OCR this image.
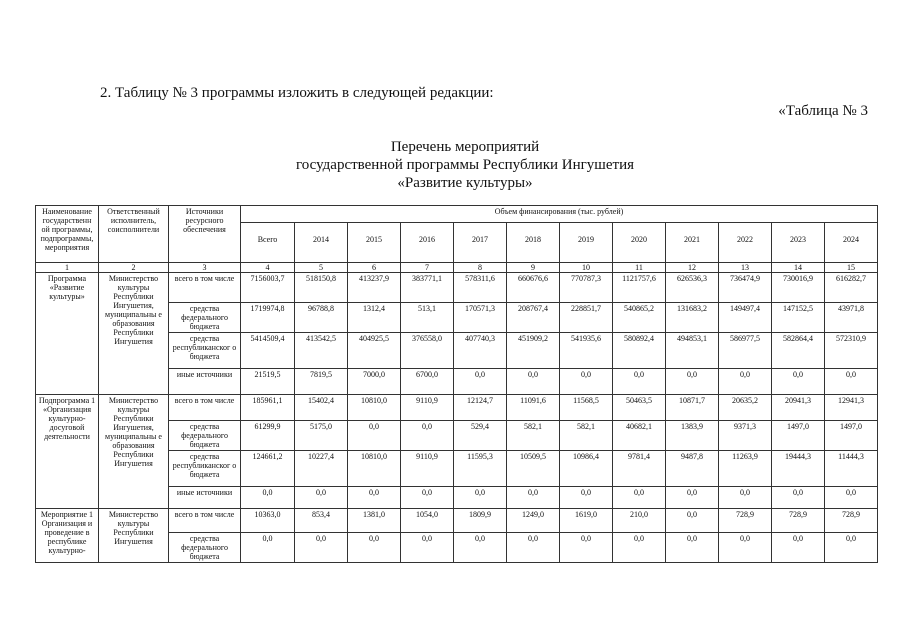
2. Таблицу № 3 программы изложить в следующей редакции:
«Таблица № 3
Перечень мероприятий
государственной программы Республики Ингушетия
«Развитие культуры»
Наименование государственн ой программы, подпрограммы, мероприятия	Ответственный исполнитель, соисполнители	Источники ресурсного обеспечения	Объем финансирования (тыс. рублей)											
			Всего	2014	2015	2016	2017	2018	2019	2020	2021	2022	2023	2024
1	2	3	4	5	6	7	8	9	10	11	12	13	14	15
Программа «Развитие культуры»	Министерство культуры Республики Ингушетия, муниципальны е образования Республики Ингушетия	всего в том числе	7156003,7	518150,8	413237,9	383771,1	578311,6	660676,6	770787,3	1121757,6	626536,3	736474,9	730016,9	616282,7
		средства федерального бюджета	1719974,8	96788,8	1312,4	513,1	170571,3	208767,4	228851,7	540865,2	131683,2	149497,4	147152,5	43971,8
		средства республиканског о бюджета	5414509,4	413542,5	404925,5	376558,0	407740,3	451909,2	541935,6	580892,4	494853,1	586977,5	582864,4	572310,9
		иные источники	21519,5	7819,5	7000,0	6700,0	0,0	0,0	0,0	0,0	0,0	0,0	0,0	0,0
Подпрограмма 1 «Организация культурно-досуговой деятельности	Министерство культуры Республики Ингушетия, муниципальны е образования Республики Ингушетия	всего в том числе	185961,1	15402,4	10810,0	9110,9	12124,7	11091,6	11568,5	50463,5	10871,7	20635,2	20941,3	12941,3
		средства федерального бюджета	61299,9	5175,0	0,0	0,0	529,4	582,1	582,1	40682,1	1383,9	9371,3	1497,0	1497,0
		средства республиканског о бюджета	124661,2	10227,4	10810,0	9110,9	11595,3	10509,5	10986,4	9781,4	9487,8	11263,9	19444,3	11444,3
		иные источники	0,0	0,0	0,0	0,0	0,0	0,0	0,0	0,0	0,0	0,0	0,0	0,0
Мероприятие 1 Организация и проведение в республике культурно-	Министерство культуры Республики Ингушетия	всего в том числе	10363,0	853,4	1381,0	1054,0	1809,9	1249,0	1619,0	210,0	0,0	728,9	728,9	728,9
		средства федерального бюджета	0,0	0,0	0,0	0,0	0,0	0,0	0,0	0,0	0,0	0,0	0,0	0,0
